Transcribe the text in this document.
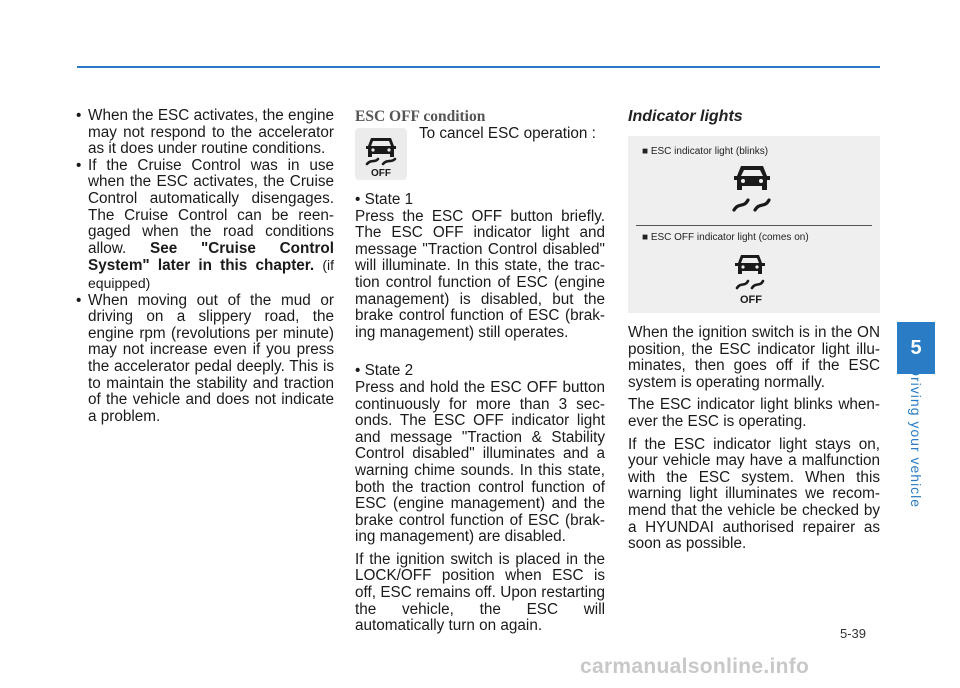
• When the ESC activates, the engine may not respond to the accelerator as it does under routine conditions.
• If the Cruise Control was in use when the ESC activates, the Cruise Control automatically disengages. The Cruise Control can be reen-gaged when the road conditions allow. See "Cruise Control System" later in this chapter. (if equipped)
• When moving out of the mud or driving on a slippery road, the engine rpm (revolutions per minute) may not increase even if you press the accelerator pedal deeply. This is to maintain the stability and traction of the vehicle and does not indicate a problem.
ESC OFF condition
OFF
To cancel ESC operation :

• State 1

Press the ESC OFF button briefly. The ESC OFF indicator light and message "Traction Control disabled" will illuminate. In this state, the trac-tion control function of ESC (engine management) is disabled, but the brake control function of ESC (brak-ing management) still operates.

• State 2

Press and hold the ESC OFF button continuously for more than 3 sec-onds. The ESC OFF indicator light and message "Traction & Stability Control disabled" illuminates and a warning chime sounds. In this state, both the traction control function of ESC (engine management) and the brake control function of ESC (brak-ing management) are disabled.

If the ignition switch is placed in the LOCK/OFF position when ESC is off, ESC remains off. Upon restarting the vehicle, the ESC will automatically turn on again.

Indicator lights
■ ESC indicator light (blinks)
■ ESC OFF indicator light (comes on)
OFF

When the ignition switch is in the ON position, the ESC indicator light illu-minates, then goes off if the ESC system is operating normally.

The ESC indicator light blinks when-ever the ESC is operating.

If the ESC indicator light stays on, your vehicle may have a malfunction with the ESC system. When this warning light illuminates we recom-mend that the vehicle be checked by a HYUNDAI authorised repairer as soon as possible.

5
Driving your vehicle
5-39
carmanualsonline.info
